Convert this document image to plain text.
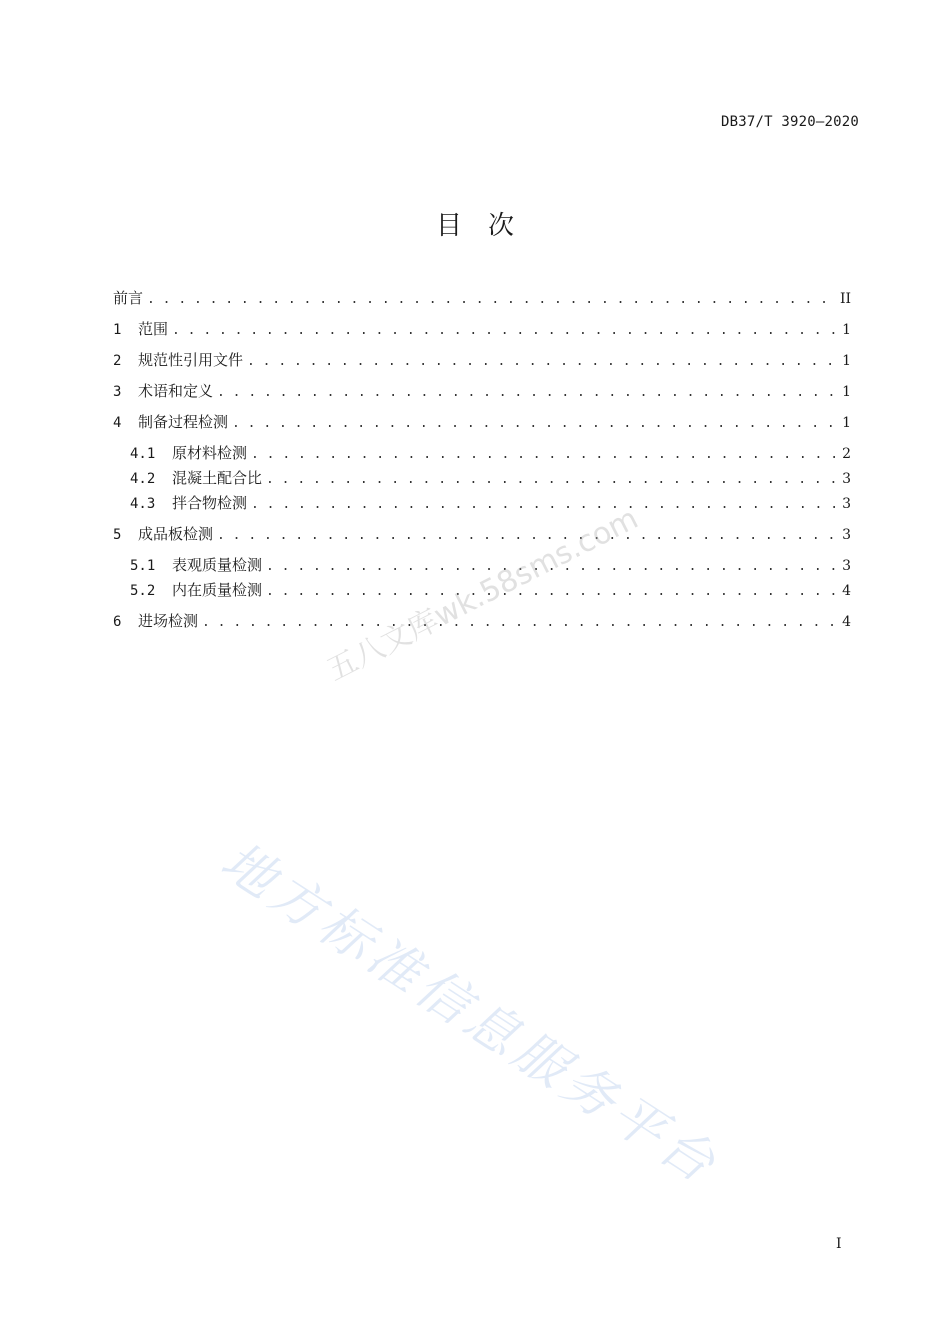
DB37/T 3920—2020
目次
前言 . . .	II
1	范围 . . .	1
2	规范性引用文件 . . .	1
3	术语和定义 . . .	1
4	制备过程检测 . . .	1
4.1	原材料检测 . . .	2
4.2	混凝土配合比 . . .	3
4.3	拌合物检测 . . .	3
5	成品板检测 . . .	3
5.1	表观质量检测 . . .	3
5.2	内在质量检测 . . .	4
6	进场检测 . . .	4
五八文库wk.58sms.com
地方标准信息服务平台
I
